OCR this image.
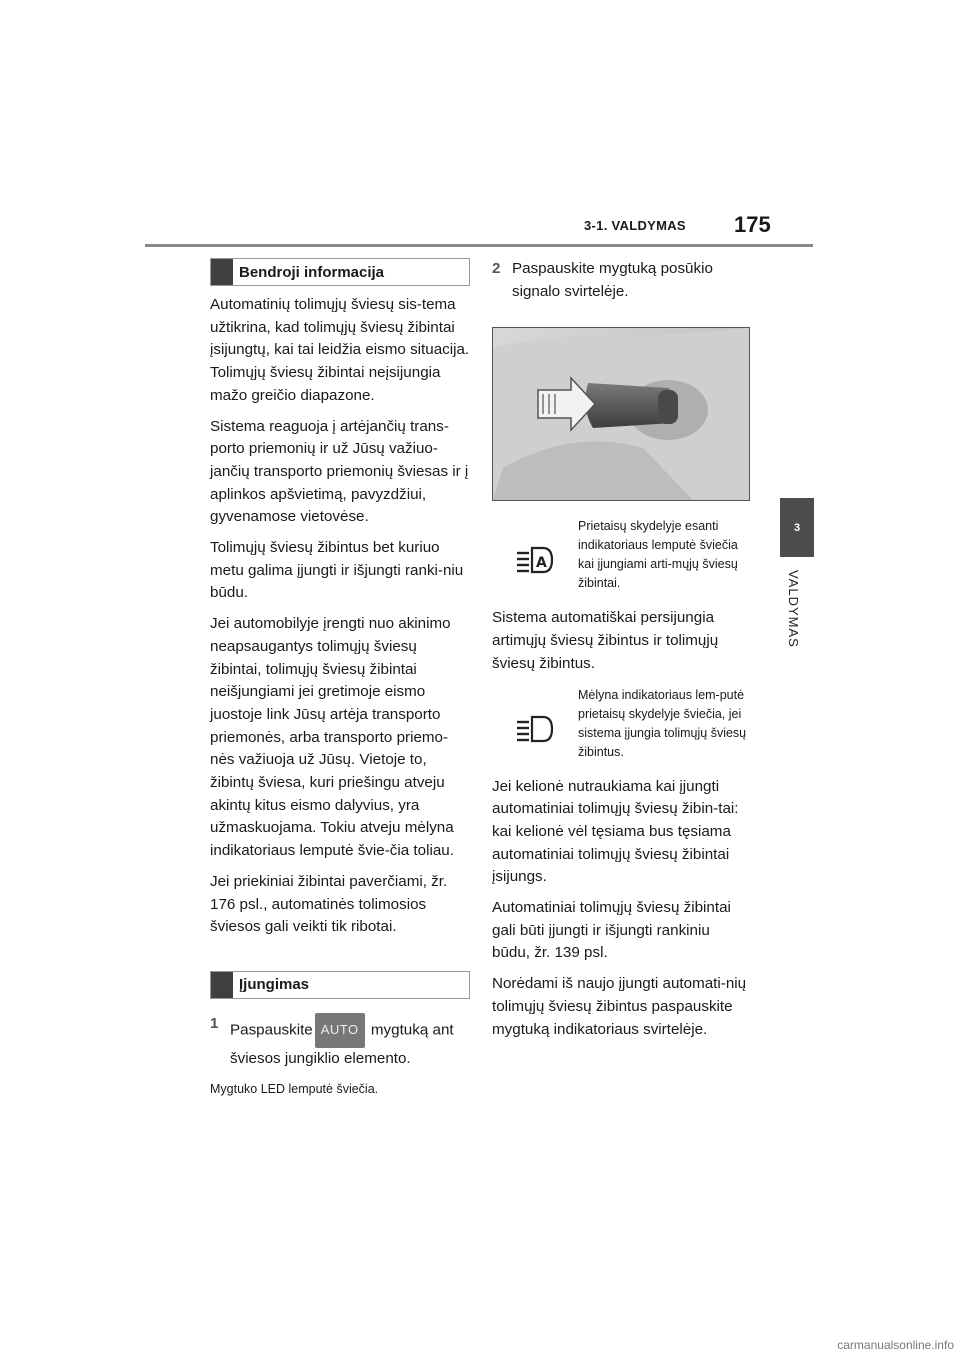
3-1. VALDYMAS 175
3
VALDYMAS
Bendroji informacija

Automatinių tolimųjų šviesų sis-tema užtikrina, kad tolimųjų šviesų žibintai įsijungtų, kai tai leidžia eismo situacija. Tolimųjų šviesų žibintai neįsijungia mažo greičio diapazone.

Sistema reaguoja į artėjančių trans-porto priemonių ir už Jūsų važiuo-jančių transporto priemonių šviesas ir į aplinkos apšvietimą, pavyzdžiui, gyvenamose vietovėse.

Tolimųjų šviesų žibintus bet kuriuo metu galima įjungti ir išjungti ranki-niu būdu.

Jei automobilyje įrengti nuo akinimo neapsaugantys tolimųjų šviesų žibintai, tolimųjų šviesų žibintai neišjungiami jei gretimoje eismo juostoje link Jūsų artėja transporto priemonės, arba transporto priemo-nės važiuoja už Jūsų. Vietoje to, žibintų šviesa, kuri priešingu atveju akintų kitus eismo dalyvius, yra užmaskuojama. Tokiu atveju mėlyna indikatoriaus lemputė švie-čia toliau.

Jei priekiniai žibintai paverčiami, žr. 176 psl., automatinės tolimosios šviesos gali veikti tik ribotai.

Įjungimas
1 Paspauskite AUTO mygtuką ant šviesos jungiklio elemento.

Mygtuko LED lemputė šviečia.

2 Paspauskite mygtuką posūkio signalo svirtelėje.
A
Prietaisų skydelyje esanti indikatoriaus lemputė šviečia kai įjungiami arti-mųjų šviesų žibintai.

Sistema automatiškai persijungia artimųjų šviesų žibintus ir tolimųjų šviesų žibintus.

Mėlyna indikatoriaus lem-putė prietaisų skydelyje šviečia, jei sistema įjungia tolimųjų šviesų žibintus.

Jei kelionė nutraukiama kai įjungti automatiniai tolimųjų šviesų žibin-tai: kai kelionė vėl tęsiama bus tęsiama automatiniai tolimųjų šviesų žibintai įsijungs.

Automatiniai tolimųjų šviesų žibintai gali būti įjungti ir išjungti rankiniu būdu, žr. 139 psl.

Norėdami iš naujo įjungti automati-nių tolimųjų šviesų žibintus paspauskite mygtuką indikatoriaus svirtelėje.

carmanualsonline.info
